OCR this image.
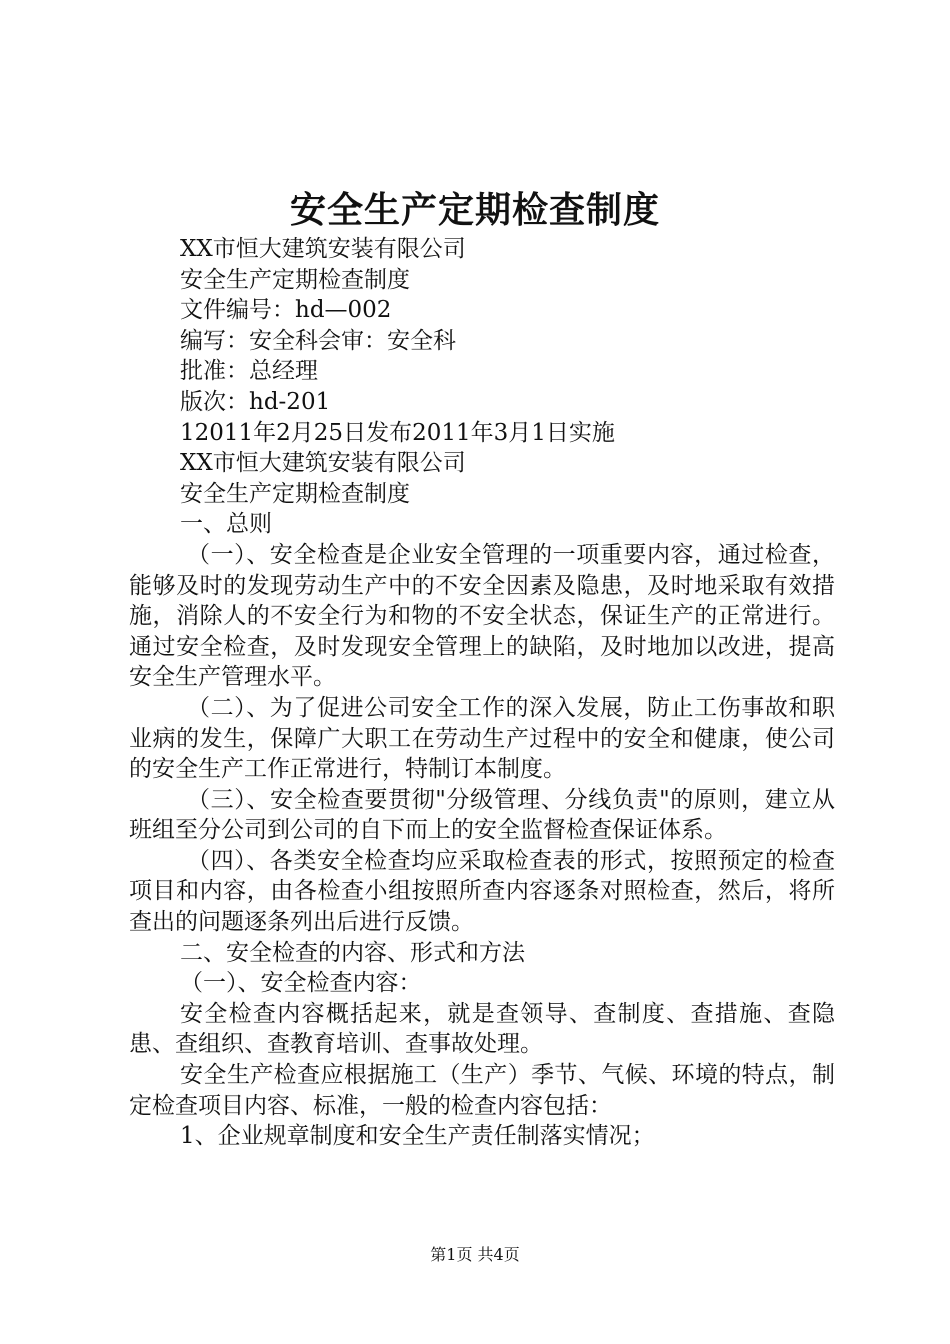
安全生产定期检查制度
XX市恒大建筑安装有限公司
安全生产定期检查制度
文件编号：hd—002
编写：安全科会审：安全科
批准：总经理
版次：hd-201
12011年2月25日发布2011年3月1日实施
XX市恒大建筑安装有限公司
安全生产定期检查制度
一、总则
（一）、安全检查是企业安全管理的一项重要内容，通过检查，能够及时的发现劳动生产中的不安全因素及隐患，及时地采取有效措施，消除人的不安全行为和物的不安全状态，保证生产的正常进行。通过安全检查，及时发现安全管理上的缺陷，及时地加以改进，提高安全生产管理水平。
（二）、为了促进公司安全工作的深入发展，防止工伤事故和职业病的发生，保障广大职工在劳动生产过程中的安全和健康，使公司的安全生产工作正常进行，特制订本制度。
（三）、安全检查要贯彻"分级管理、分线负责"的原则，建立从班组至分公司到公司的自下而上的安全监督检查保证体系。
（四）、各类安全检查均应采取检查表的形式，按照预定的检查项目和内容，由各检查小组按照所查内容逐条对照检查，然后，将所查出的问题逐条列出后进行反馈。
二、安全检查的内容、形式和方法
（一）、安全检查内容：
安全检查内容概括起来，就是查领导、查制度、查措施、查隐患、查组织、查教育培训、查事故处理。
安全生产检查应根据施工（生产）季节、气候、环境的特点，制定检查项目内容、标准，一般的检查内容包括：
1、企业规章制度和安全生产责任制落实情况；
第1页 共4页
